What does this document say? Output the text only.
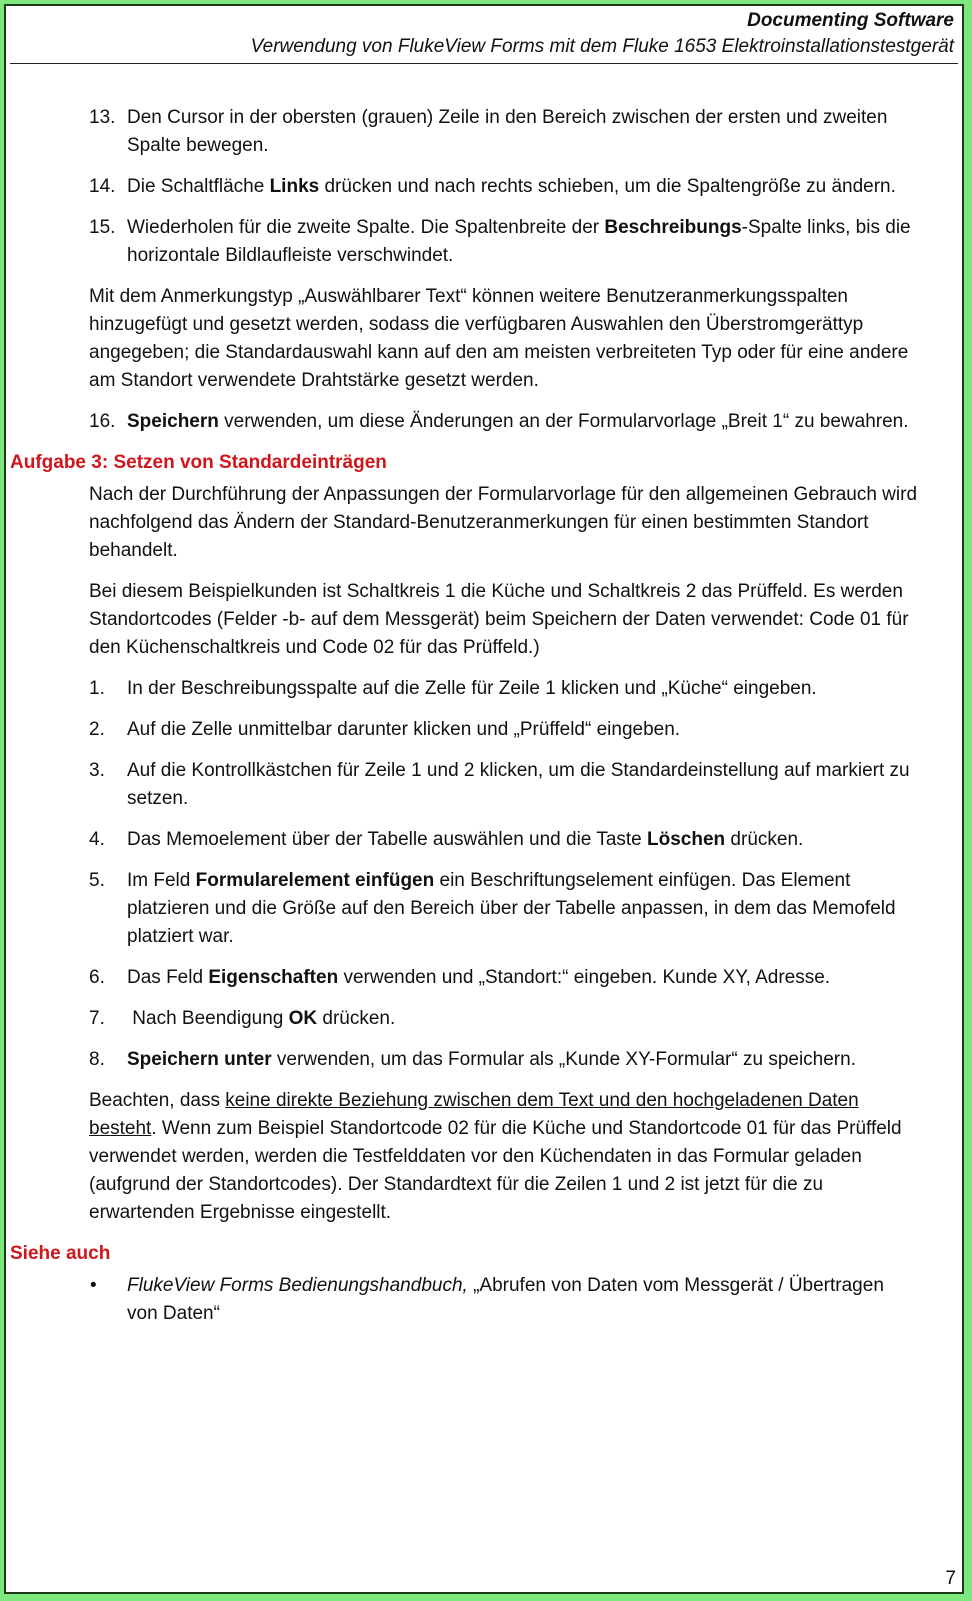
Documenting Software
Verwendung von FlukeView Forms mit dem Fluke 1653 Elektroinstallationstestgerät
13. Den Cursor in der obersten (grauen) Zeile in den Bereich zwischen der ersten und zweiten Spalte bewegen.
14. Die Schaltfläche Links drücken und nach rechts schieben, um die Spaltengröße zu ändern.
15. Wiederholen für die zweite Spalte. Die Spaltenbreite der Beschreibungs-Spalte links, bis die horizontale Bildlaufleiste verschwindet.
Mit dem Anmerkungstyp „Auswählbarer Text“ können weitere Benutzeranmerkungsspalten hinzugefügt und gesetzt werden, sodass die verfügbaren Auswahlen den Überstromgerättyp angegeben; die Standardauswahl kann auf den am meisten verbreiteten Typ oder für eine andere am Standort verwendete Drahtstärke gesetzt werden.
16. Speichern verwenden, um diese Änderungen an der Formularvorlage „Breit 1“ zu bewahren.
Aufgabe 3: Setzen von Standardeinträgen
Nach der Durchführung der Anpassungen der Formularvorlage für den allgemeinen Gebrauch wird nachfolgend das Ändern der Standard-Benutzeranmerkungen für einen bestimmten Standort behandelt.
Bei diesem Beispielkunden ist Schaltkreis 1 die Küche und Schaltkreis 2 das Prüffeld. Es werden Standortcodes (Felder -b- auf dem Messgerät) beim Speichern der Daten verwendet: Code 01 für den Küchenschaltkreis und Code 02 für das Prüffeld.)
1. In der Beschreibungsspalte auf die Zelle für Zeile 1 klicken und „Küche“ eingeben.
2. Auf die Zelle unmittelbar darunter klicken und „Prüffeld“ eingeben.
3. Auf die Kontrollkästchen für Zeile 1 und 2 klicken, um die Standardeinstellung auf markiert zu setzen.
4. Das Memoelement über der Tabelle auswählen und die Taste Löschen drücken.
5. Im Feld Formularelement einfügen ein Beschriftungselement einfügen. Das Element platzieren und die Größe auf den Bereich über der Tabelle anpassen, in dem das Memofeld platziert war.
6. Das Feld Eigenschaften verwenden und „Standort:“ eingeben. Kunde XY, Adresse.
7. Nach Beendigung OK drücken.
8. Speichern unter verwenden, um das Formular als „Kunde XY-Formular“ zu speichern.
Beachten, dass keine direkte Beziehung zwischen dem Text und den hochgeladenen Daten besteht. Wenn zum Beispiel Standortcode 02 für die Küche und Standortcode 01 für das Prüffeld verwendet werden, werden die Testfelddaten vor den Küchendaten in das Formular geladen (aufgrund der Standortcodes). Der Standardtext für die Zeilen 1 und 2 ist jetzt für die zu erwartenden Ergebnisse eingestellt.
Siehe auch
• FlukeView Forms Bedienungshandbuch, „Abrufen von Daten vom Messgerät / Übertragen von Daten“
7
